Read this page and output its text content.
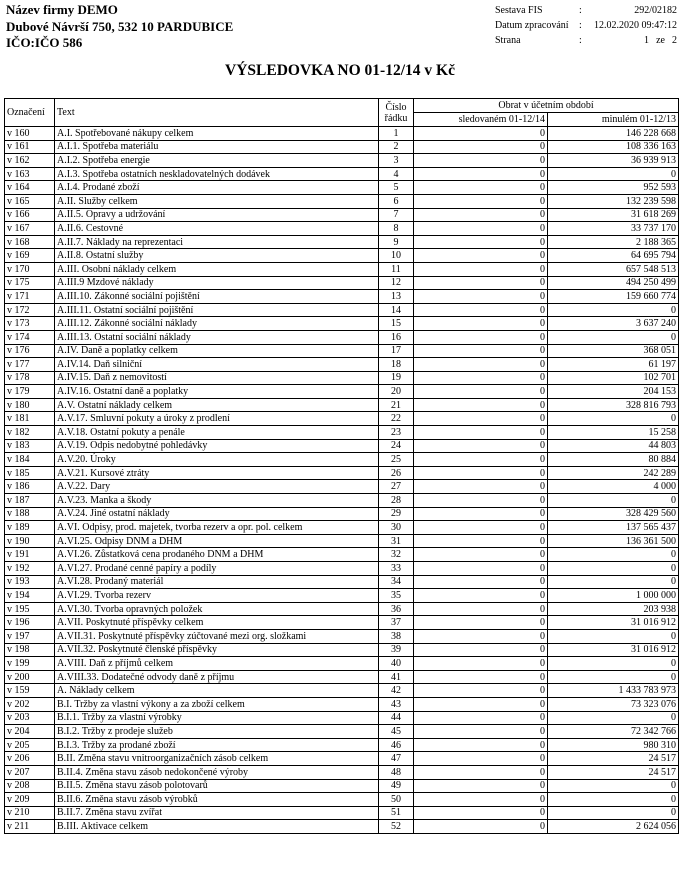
Název firmy DEMO
Dubové Návrší 750, 532 10 PARDUBICE
IČO:IČO 586
Sestava FIS	:	292/02182
Datum zpracování : 12.02.2020 09:47:12
Strana	:	1 ze 2
VÝSLEDOVKA NO 01-12/14 v Kč
Označení	Text	Číslo
řádku	Obrat v účetním období	
			sledovaném 01-12/14	minulém 01-12/13
v 160	A.I. Spotřebované nákupy celkem	1	0	146 228 668
v 161	A.I.1. Spotřeba materiálu	2	0	108 336 163
v 162	A.I.2. Spotřeba energie	3	0	36 939 913
v 163	A.I.3. Spotřeba ostatních neskladovatelných dodávek	4	0	0
v 164	A.I.4. Prodané zboží	5	0	952 593
v 165	A.II. Služby celkem	6	0	132 239 598
v 166	A.II.5. Opravy a udržování	7	0	31 618 269
v 167	A.II.6. Cestovné	8	0	33 737 170
v 168	A.II.7. Náklady na reprezentaci	9	0	2 188 365
v 169	A.II.8. Ostatní služby	10	0	64 695 794
v 170	A.III. Osobní náklady celkem	11	0	657 548 513
v 175	A.III.9 Mzdové náklady	12	0	494 250 499
v 171	A.III.10. Zákonné sociální pojištění	13	0	159 660 774
v 172	A.III.11. Ostatní sociální pojištění	14	0	0
v 173	A.III.12. Zákonné sociální náklady	15	0	3 637 240
v 174	A.III.13. Ostatní sociální náklady	16	0	0
v 176	A.IV. Daně a poplatky celkem	17	0	368 051
v 177	A.IV.14. Daň silniční	18	0	61 197
v 178	A.IV.15. Daň z nemovitostí	19	0	102 701
v 179	A.IV.16. Ostatní daně a poplatky	20	0	204 153
v 180	A.V. Ostatní náklady celkem	21	0	328 816 793
v 181	A.V.17. Smluvní pokuty a úroky z prodlení	22	0	0
v 182	A.V.18. Ostatní pokuty a penále	23	0	15 258
v 183	A.V.19. Odpis nedobytné pohledávky	24	0	44 803
v 184	A.V.20. Úroky	25	0	80 884
v 185	A.V.21. Kursové ztráty	26	0	242 289
v 186	A.V.22. Dary	27	0	4 000
v 187	A.V.23. Manka a škody	28	0	0
v 188	A.V.24. Jiné ostatní náklady	29	0	328 429 560
v 189	A.VI. Odpisy, prod. majetek, tvorba rezerv a opr. pol. celkem	30	0	137 565 437
v 190	A.VI.25. Odpisy DNM a DHM	31	0	136 361 500
v 191	A.VI.26. Zůstatková cena prodaného DNM a DHM	32	0	0
v 192	A.VI.27. Prodané cenné papíry a podíly	33	0	0
v 193	A.VI.28. Prodaný materiál	34	0	0
v 194	A.VI.29. Tvorba rezerv	35	0	1 000 000
v 195	A.VI.30. Tvorba opravných položek	36	0	203 938
v 196	A.VII. Poskytnuté příspěvky celkem	37	0	31 016 912
v 197	A.VII.31. Poskytnuté příspěvky zúčtované mezi org. složkami	38	0	0
v 198	A.VII.32. Poskytnuté členské příspěvky	39	0	31 016 912
v 199	A.VIII. Daň z příjmů celkem	40	0	0
v 200	A.VIII.33. Dodatečné odvody daně z příjmu	41	0	0
v 159	A. Náklady celkem	42	0	1 433 783 973
v 202	B.I. Tržby za vlastní výkony a za zboží celkem	43	0	73 323 076
v 203	B.I.1. Tržby za vlastní výrobky	44	0	0
v 204	B.I.2. Tržby z prodeje služeb	45	0	72 342 766
v 205	B.I.3. Tržby za prodané zboží	46	0	980 310
v 206	B.II. Změna stavu vnitroorganizačních zásob celkem	47	0	24 517
v 207	B.II.4. Změna stavu zásob nedokončené výroby	48	0	24 517
v 208	B.II.5. Změna stavu zásob polotovarů	49	0	0
v 209	B.II.6. Změna stavu zásob výrobků	50	0	0
v 210	B.II.7. Změna stavu zvířat	51	0	0
v 211	B.III. Aktivace celkem	52	0	2 624 056
